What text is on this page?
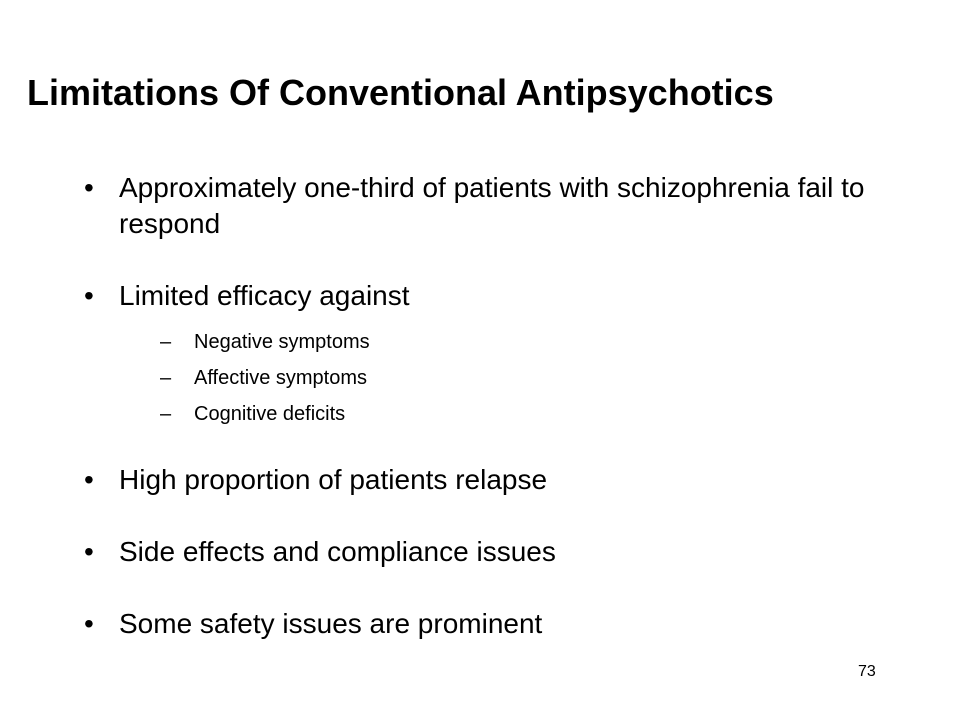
Limitations Of Conventional Antipsychotics
• Approximately one-third of patients with schizophrenia fail to respond
• Limited efficacy against
– Negative symptoms
– Affective symptoms
– Cognitive deficits
• High proportion of patients relapse
• Side effects and compliance issues
• Some safety issues are prominent
73
